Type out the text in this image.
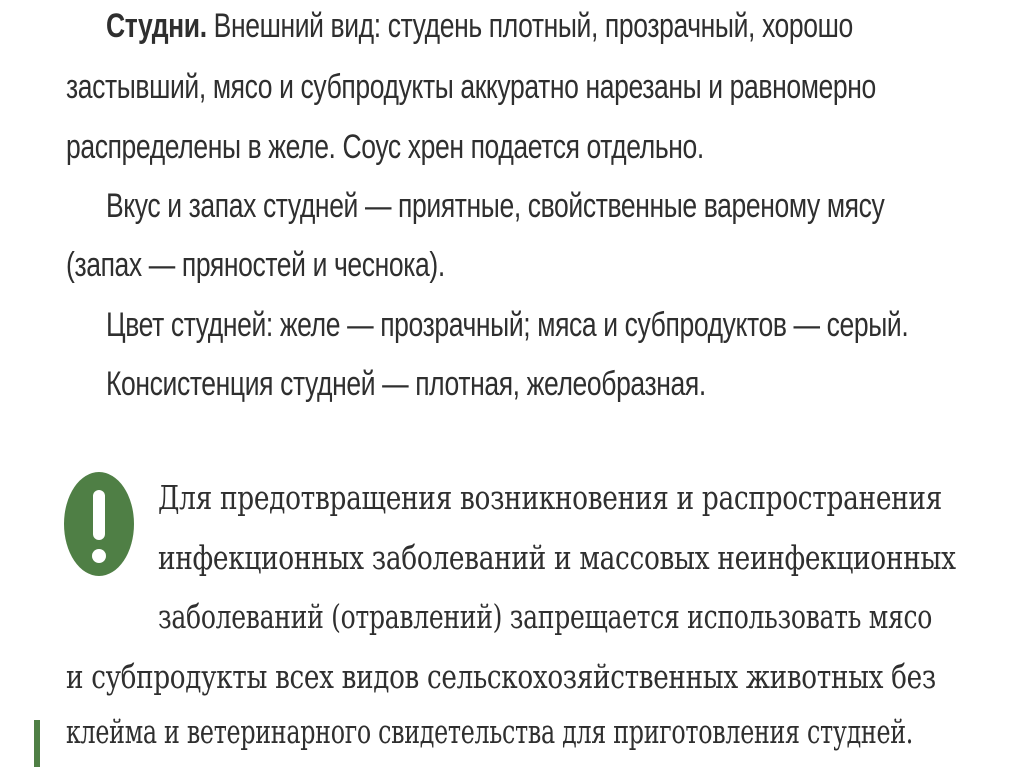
Студни. Внешний вид: студень плотный, прозрачный, хорошо
застывший, мясо и субпродукты аккуратно нарезаны и равномерно
распределены в желе. Соус хрен подается отдельно.
Вкус и запах студней — приятные, свойственные вареному мясу
(запах — пряностей и чеснока).
Цвет студней: желе — прозрачный; мяса и субпродуктов — серый.
Консистенция студней — плотная, желеобразная.
Для предотвращения возникновения и распространения
инфекционных заболеваний и массовых неинфекционных
заболеваний (отравлений) запрещается использовать мясо
и субпродукты всех видов сельскохозяйственных животных без
клейма и ветеринарного свидетельства для приготовления студней.
